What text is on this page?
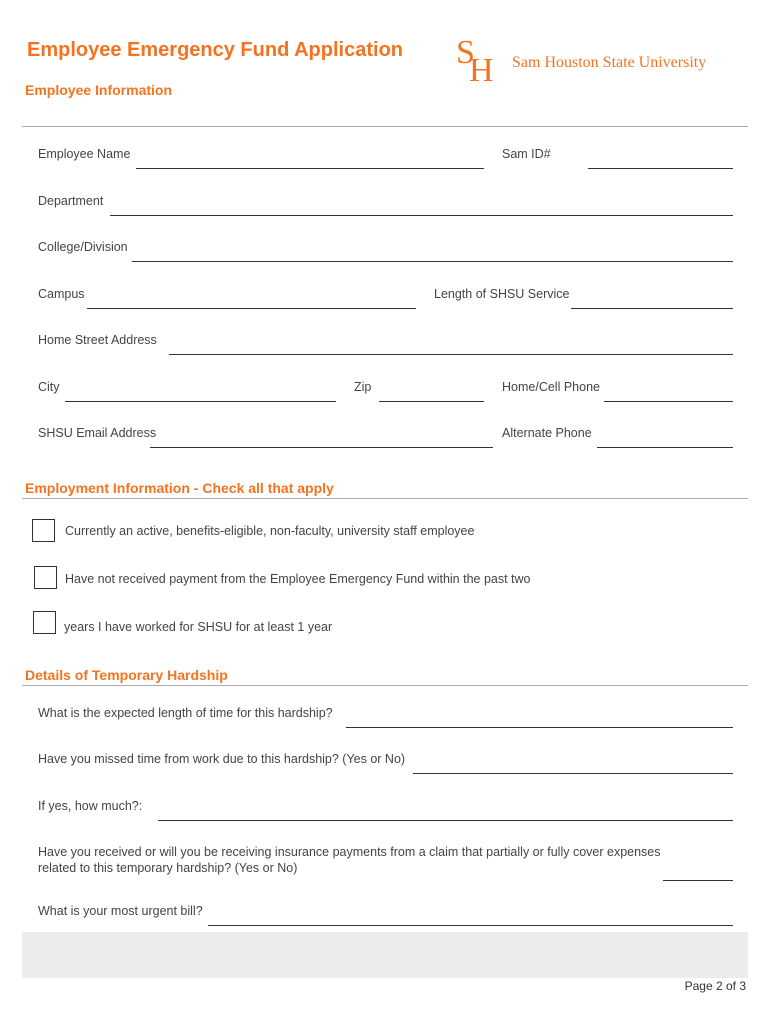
Employee Emergency Fund Application S
H Sam Houston State University
Employee Information
Employee Name	Sam ID#
Department
College/Division
Campus	Length of SHSU Service
Home Street Address
City	Zip	Home/Cell Phone
SHSU Email Address	Alternate Phone
Employment Information - Check all that apply
Currently an active, benefits-eligible, non-faculty, university staff employee
Have not received payment from the Employee Emergency Fund within the past two
years I have worked for SHSU for at least 1 year
Details of Temporary Hardship
What is the expected length of time for this hardship?
Have you missed time from work due to this hardship? (Yes or No)
If yes, how much?:
Have you received or will you be receiving insurance payments from a claim that partially or fully cover expenses
related to this temporary hardship? (Yes or No)
What is your most urgent bill?
Page 2 of 3
